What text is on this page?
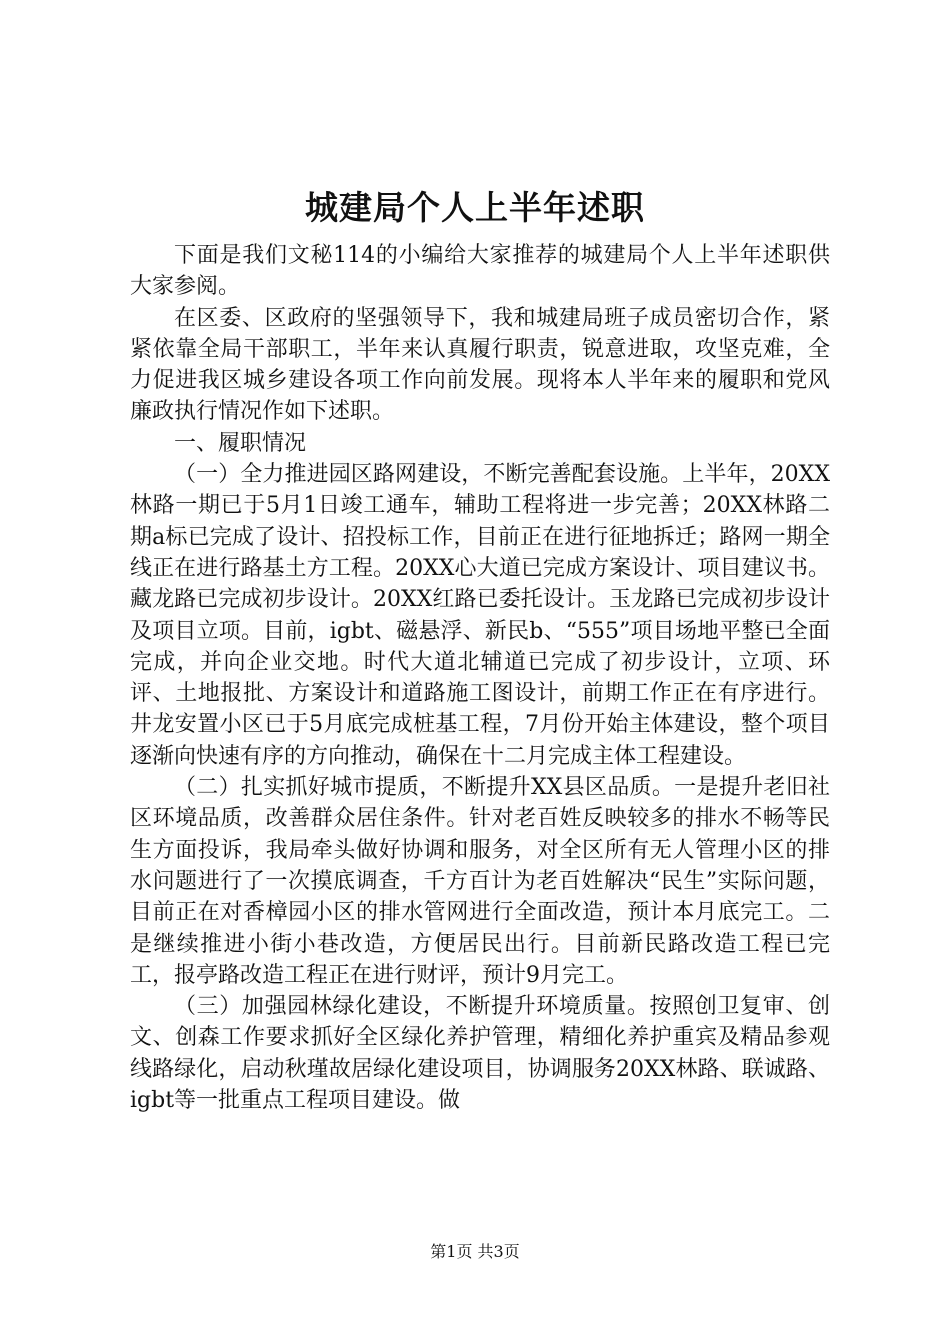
城建局个人上半年述职

下面是我们文秘114的小编给大家推荐的城建局个人上半年述职供大家参阅。

在区委、区政府的坚强领导下，我和城建局班子成员密切合作，紧紧依靠全局干部职工，半年来认真履行职责，锐意进取，攻坚克难，全力促进我区城乡建设各项工作向前发展。现将本人半年来的履职和党风廉政执行情况作如下述职。

一、履职情况

（一）全力推进园区路网建设，不断完善配套设施。上半年，20XX林路一期已于5月1日竣工通车，辅助工程将进一步完善；20XX林路二期a标已完成了设计、招投标工作，目前正在进行征地拆迁；路网一期全线正在进行路基土方工程。20XX心大道已完成方案设计、项目建议书。藏龙路已完成初步设计。20XX红路已委托设计。玉龙路已完成初步设计及项目立项。目前，igbt、磁悬浮、新民b、“555”项目场地平整已全面完成，并向企业交地。时代大道北辅道已完成了初步设计，立项、环评、土地报批、方案设计和道路施工图设计，前期工作正在有序进行。井龙安置小区已于5月底完成桩基工程，7月份开始主体建设，整个项目逐渐向快速有序的方向推动，确保在十二月完成主体工程建设。

（二）扎实抓好城市提质，不断提升XX县区品质。一是提升老旧社区环境品质，改善群众居住条件。针对老百姓反映较多的排水不畅等民生方面投诉，我局牵头做好协调和服务，对全区所有无人管理小区的排水问题进行了一次摸底调查，千方百计为老百姓解决“民生”实际问题，目前正在对香樟园小区的排水管网进行全面改造，预计本月底完工。二是继续推进小街小巷改造，方便居民出行。目前新民路改造工程已完工，报亭路改造工程正在进行财评，预计9月完工。

（三）加强园林绿化建设，不断提升环境质量。按照创卫复审、创文、创森工作要求抓好全区绿化养护管理，精细化养护重宾及精品参观线路绿化，启动秋瑾故居绿化建设项目，协调服务20XX林路、联诚路、igbt等一批重点工程项目建设。做

第1页 共3页
